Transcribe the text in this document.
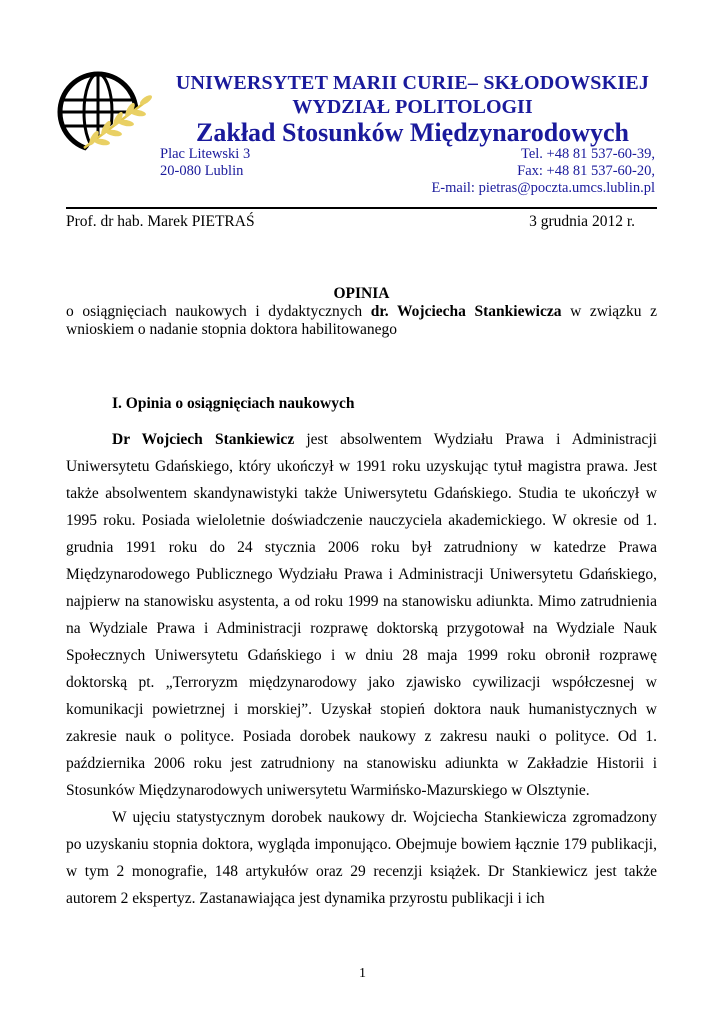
UNIWERSYTET MARII CURIE– SKŁODOWSKIEJ
WYDZIAŁ POLITOLOGII
Zakład Stosunków Międzynarodowych
Plac Litewski 3
20-080 Lublin
Tel. +48 81 537-60-39,
Fax: +48 81 537-60-20,
E-mail: pietras@poczta.umcs.lublin.pl
Prof. dr hab. Marek PIETRAŚ	3 grudnia 2012 r.
OPINIA
o osiągnięciach naukowych i dydaktycznych dr. Wojciecha Stankiewicza w związku z
wnioskiem o nadanie stopnia doktora habilitowanego
I. Opinia o osiągnięciach naukowych

Dr Wojciech Stankiewicz jest absolwentem Wydziału Prawa i Administracji Uniwersytetu Gdańskiego, który ukończył w 1991 roku uzyskując tytuł magistra prawa. Jest także absolwentem skandynawistyki także Uniwersytetu Gdańskiego. Studia te ukończył w 1995 roku. Posiada wieloletnie doświadczenie nauczyciela akademickiego. W okresie od 1. grudnia 1991 roku do 24 stycznia 2006 roku był zatrudniony w katedrze Prawa Międzynarodowego Publicznego Wydziału Prawa i Administracji Uniwersytetu Gdańskiego, najpierw na stanowisku asystenta, a od roku 1999 na stanowisku adiunkta. Mimo zatrudnienia na Wydziale Prawa i Administracji rozprawę doktorską przygotował na Wydziale Nauk Społecznych Uniwersytetu Gdańskiego i w dniu 28 maja 1999 roku obronił rozprawę doktorską pt. „Terroryzm międzynarodowy jako zjawisko cywilizacji współczesnej w komunikacji powietrznej i morskiej”. Uzyskał stopień doktora nauk humanistycznych w zakresie nauk o polityce. Posiada dorobek naukowy z zakresu nauki o polityce. Od 1. października 2006 roku jest zatrudniony na stanowisku adiunkta w Zakładzie Historii i Stosunków Międzynarodowych uniwersytetu Warmińsko-Mazurskiego w Olsztynie.

W ujęciu statystycznym dorobek naukowy dr. Wojciecha Stankiewicza zgromadzony po uzyskaniu stopnia doktora, wygląda imponująco. Obejmuje bowiem łącznie 179 publikacji, w tym 2 monografie, 148 artykułów oraz 29 recenzji książek. Dr Stankiewicz jest także autorem 2 ekspertyz. Zastanawiająca jest dynamika przyrostu publikacji i ich

1
